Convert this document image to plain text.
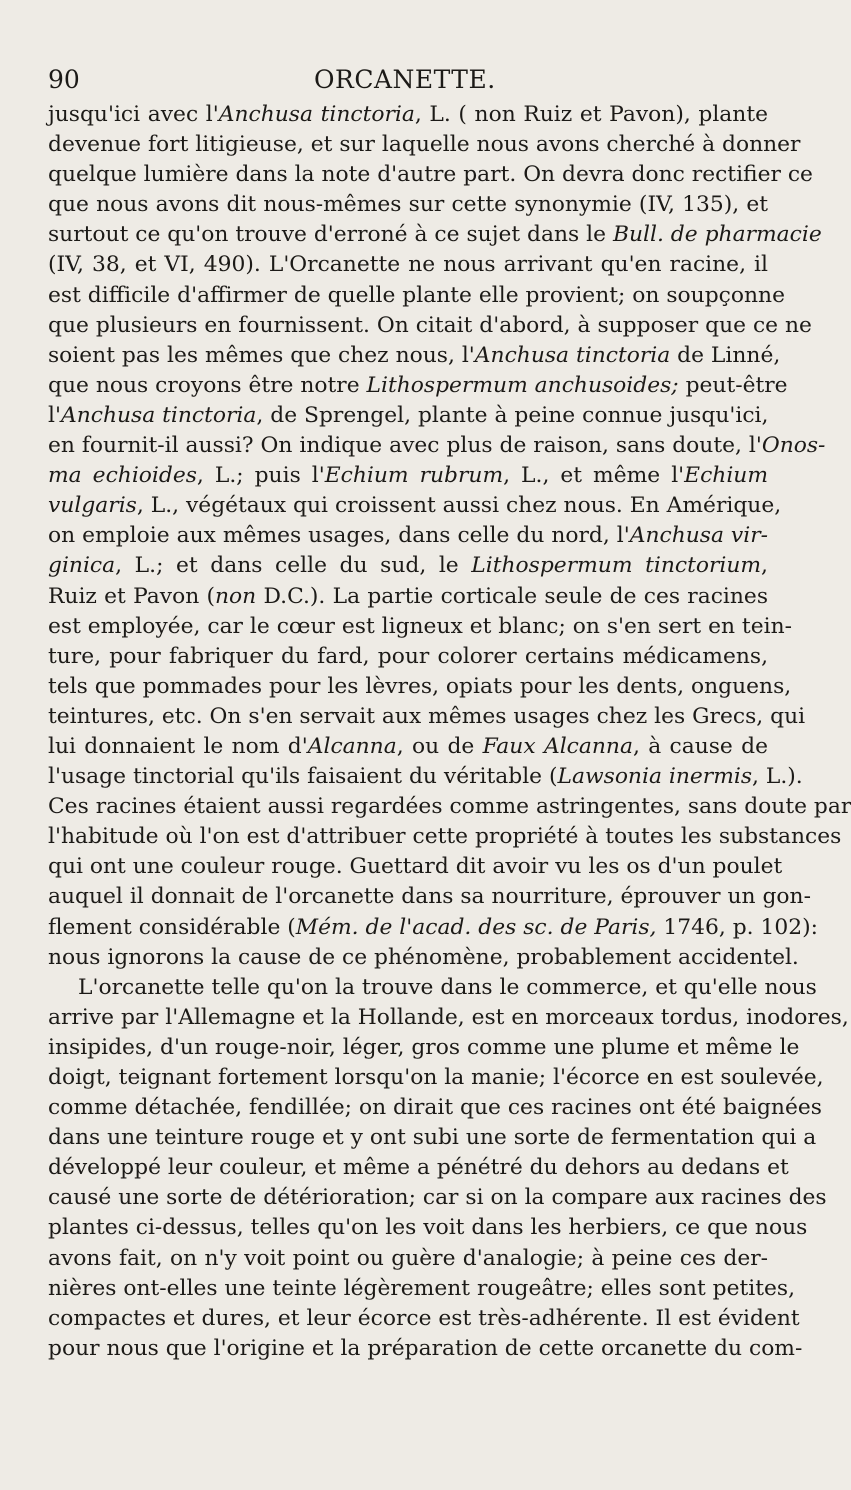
90	ORCANETTE.
jusqu'ici avec l'Anchusa tinctoria, L. ( non Ruiz et Pavon), plante
devenue fort litigieuse, et sur laquelle nous avons cherché à donner
quelque lumière dans la note d'autre part. On devra donc rectifier ce
que nous avons dit nous-mêmes sur cette synonymie (IV, 135), et
surtout ce qu'on trouve d'erroné à ce sujet dans le Bull. de pharmacie
(IV, 38, et VI, 490). L'Orcanette ne nous arrivant qu'en racine, il
est difficile d'affirmer de quelle plante elle provient; on soupçonne
que plusieurs en fournissent. On citait d'abord, à supposer que ce ne
soient pas les mêmes que chez nous, l'Anchusa tinctoria de Linné,
que nous croyons être notre Lithospermum anchusoides; peut-être
l'Anchusa tinctoria, de Sprengel, plante à peine connue jusqu'ici,
en fournit-il aussi? On indique avec plus de raison, sans doute, l'Onos-
ma echioides, L.; puis l'Echium rubrum, L., et même l'Echium
vulgaris, L., végétaux qui croissent aussi chez nous. En Amérique,
on emploie aux mêmes usages, dans celle du nord, l'Anchusa vir-
ginica, L.; et dans celle du sud, le Lithospermum tinctorium,
Ruiz et Pavon (non D.C.). La partie corticale seule de ces racines
est employée, car le cœur est ligneux et blanc; on s'en sert en tein-
ture, pour fabriquer du fard, pour colorer certains médicamens,
tels que pommades pour les lèvres, opiats pour les dents, onguens,
teintures, etc. On s'en servait aux mêmes usages chez les Grecs, qui
lui donnaient le nom d'Alcanna, ou de Faux Alcanna, à cause de
l'usage tinctorial qu'ils faisaient du véritable (Lawsonia inermis, L.).
Ces racines étaient aussi regardées comme astringentes, sans doute par
l'habitude où l'on est d'attribuer cette propriété à toutes les substances
qui ont une couleur rouge. Guettard dit avoir vu les os d'un poulet
auquel il donnait de l'orcanette dans sa nourriture, éprouver un gon-
flement considérable (Mém. de l'acad. des sc. de Paris, 1746, p. 102):
nous ignorons la cause de ce phénomène, probablement accidentel.
L'orcanette telle qu'on la trouve dans le commerce, et qu'elle nous
arrive par l'Allemagne et la Hollande, est en morceaux tordus, inodores,
insipides, d'un rouge-noir, léger, gros comme une plume et même le
doigt, teignant fortement lorsqu'on la manie; l'écorce en est soulevée,
comme détachée, fendillée; on dirait que ces racines ont été baignées
dans une teinture rouge et y ont subi une sorte de fermentation qui a
développé leur couleur, et même a pénétré du dehors au dedans et
causé une sorte de détérioration; car si on la compare aux racines des
plantes ci-dessus, telles qu'on les voit dans les herbiers, ce que nous
avons fait, on n'y voit point ou guère d'analogie; à peine ces der-
nières ont-elles une teinte légèrement rougeâtre; elles sont petites,
compactes et dures, et leur écorce est très-adhérente. Il est évident
pour nous que l'origine et la préparation de cette orcanette du com-
